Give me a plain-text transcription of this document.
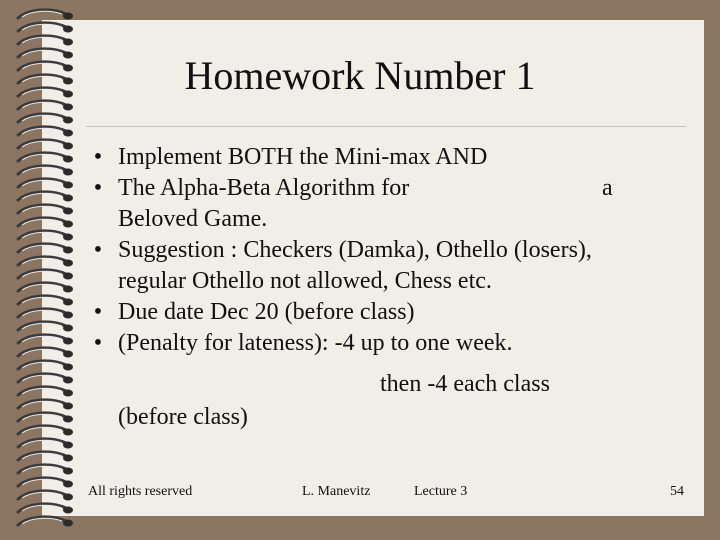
Homework Number 1
• Implement BOTH the Mini-max AND
• The Alpha-Beta Algorithm for	a
Beloved Game.
• Suggestion : Checkers (Damka), Othello (losers),
regular Othello not allowed, Chess etc.
• Due date Dec 20 (before class)
• (Penalty for lateness): -4 up to one week.
then -4 each class
(before class)
All rights reserved	L. Manevitz	Lecture 3	54
